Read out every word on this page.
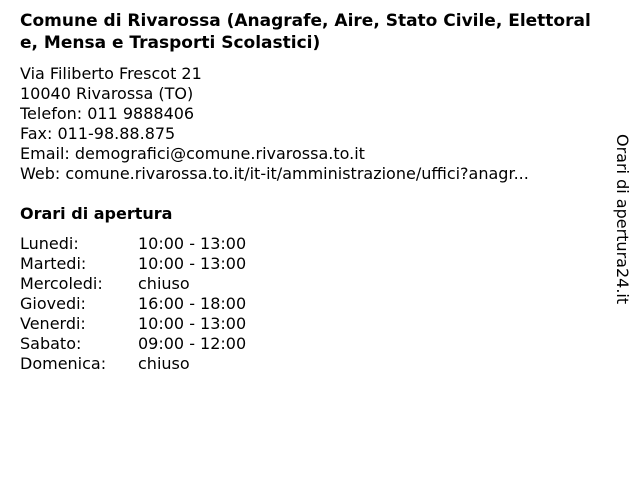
Comune di Rivarossa (Anagrafe, Aire, Stato Civile, Elettorale, Mensa e Trasporti Scolastici)
Via Filiberto Frescot 21
10040 Rivarossa (TO)
Telefon: 011 9888406
Fax: 011-98.88.875
Email: demografici@comune.rivarossa.to.it
Web: comune.rivarossa.to.it/it-it/amministrazione/uffici?anagr...
Orari di apertura
Lunedi:	10:00 - 13:00
Martedi:	10:00 - 13:00
Mercoledi: chiuso
Giovedi:	16:00 - 18:00
Venerdi:	10:00 - 13:00
Sabato:	09:00 - 12:00
Domenica: chiuso
Orari di apertura24.it
